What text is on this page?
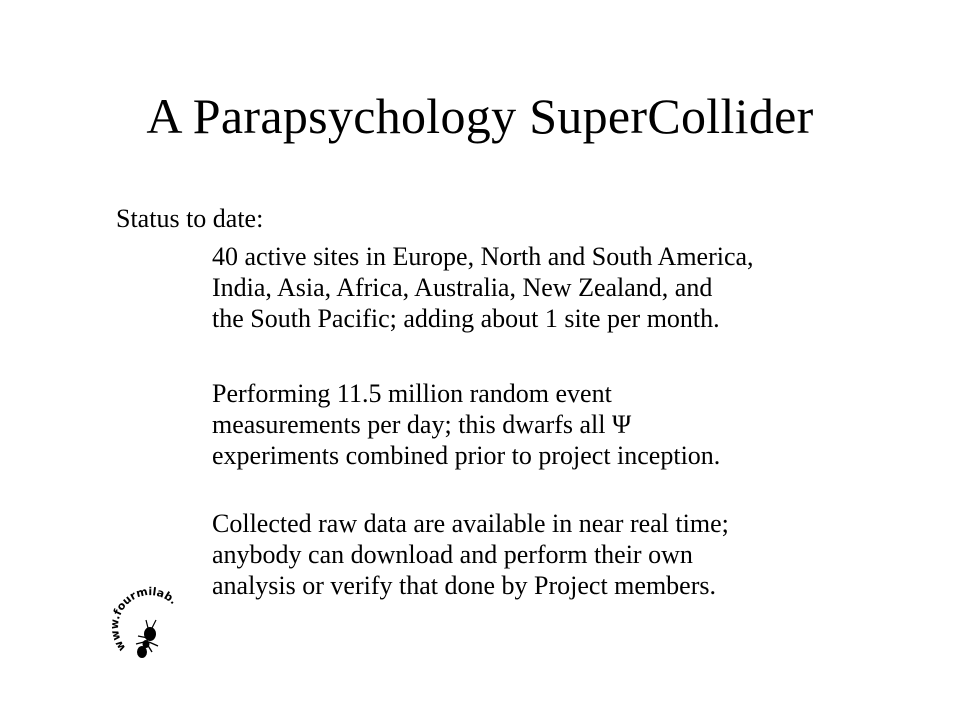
A Parapsychology SuperCollider
Status to date:
40 active sites in Europe, North and South America,
India, Asia, Africa, Australia, New Zealand, and
the South Pacific; adding about 1 site per month.
Performing 11.5 million random event
measurements per day; this dwarfs all Ψ
experiments combined prior to project inception.
Collected raw data are available in near real time;
anybody can download and perform their own
analysis or verify that done by Project members.
w fourmilab.
